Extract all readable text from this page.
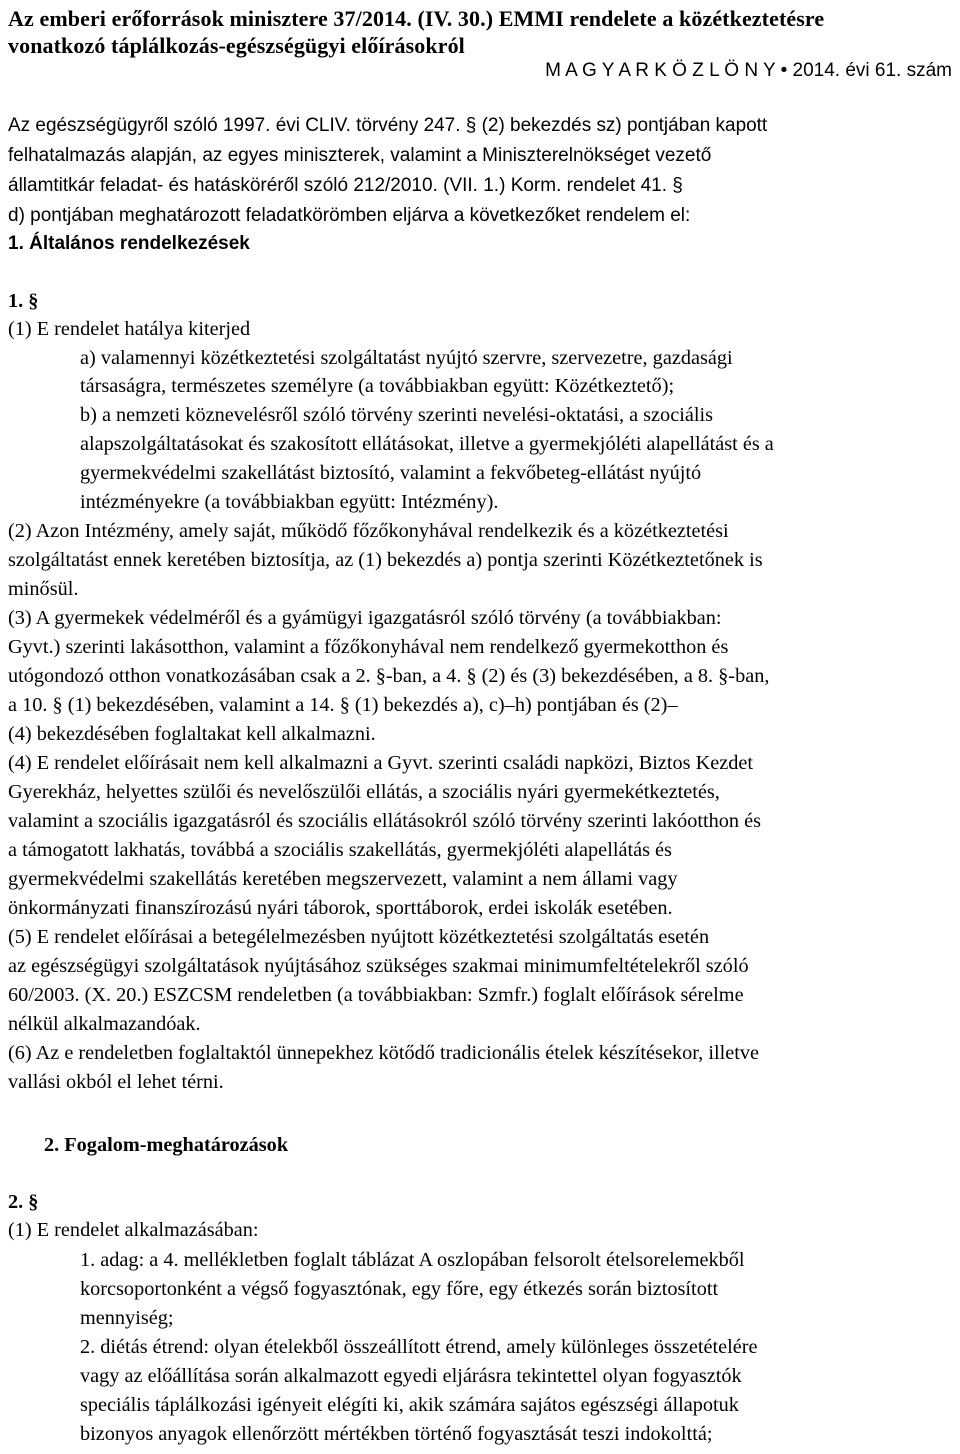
Az emberi erőforrások minisztere 37/2014. (IV. 30.) EMMI rendelete a közétkeztetésre
vonatkozó táplálkozás-egészségügyi előírásokról
M A G Y A R K Ö Z L Ö N Y • 2014. évi 61. szám
Az egészségügyről szóló 1997. évi CLIV. törvény 247. § (2) bekezdés sz) pontjában kapott
felhatalmazás alapján, az egyes miniszterek, valamint a Miniszterelnökséget vezető
államtitkár feladat- és hatásköréről szóló 212/2010. (VII. 1.) Korm. rendelet 41. §
d) pontjában meghatározott feladatkörömben eljárva a következőket rendelem el:
1. Általános rendelkezések
1. §
(1) E rendelet hatálya kiterjed
a) valamennyi közétkeztetési szolgáltatást nyújtó szervre, szervezetre, gazdasági
társaságra, természetes személyre (a továbbiakban együtt: Közétkeztető);
b) a nemzeti köznevelésről szóló törvény szerinti nevelési-oktatási, a szociális
alapszolgáltatásokat és szakosított ellátásokat, illetve a gyermekjóléti alapellátást és a
gyermekvédelmi szakellátást biztosító, valamint a fekvőbeteg-ellátást nyújtó
intézményekre (a továbbiakban együtt: Intézmény).
(2) Azon Intézmény, amely saját, működő főzőkonyhával rendelkezik és a közétkeztetési
szolgáltatást ennek keretében biztosítja, az (1) bekezdés a) pontja szerinti Közétkeztetőnek is
minősül.
(3) A gyermekek védelméről és a gyámügyi igazgatásról szóló törvény (a továbbiakban:
Gyvt.) szerinti lakásotthon, valamint a főzőkonyhával nem rendelkező gyermekotthon és
utógondozó otthon vonatkozásában csak a 2. §-ban, a 4. § (2) és (3) bekezdésében, a 8. §-ban,
a 10. § (1) bekezdésében, valamint a 14. § (1) bekezdés a), c)–h) pontjában és (2)–
(4) bekezdésében foglaltakat kell alkalmazni.
(4) E rendelet előírásait nem kell alkalmazni a Gyvt. szerinti családi napközi, Biztos Kezdet
Gyerekház, helyettes szülői és nevelőszülői ellátás, a szociális nyári gyermekétkeztetés,
valamint a szociális igazgatásról és szociális ellátásokról szóló törvény szerinti lakóotthon és
a támogatott lakhatás, továbbá a szociális szakellátás, gyermekjóléti alapellátás és
gyermekvédelmi szakellátás keretében megszervezett, valamint a nem állami vagy
önkormányzati finanszírozású nyári táborok, sporttáborok, erdei iskolák esetében.
(5) E rendelet előírásai a betegélelmezésben nyújtott közétkeztetési szolgáltatás esetén
az egészségügyi szolgáltatások nyújtásához szükséges szakmai minimumfeltételekről szóló
60/2003. (X. 20.) ESZCSM rendeletben (a továbbiakban: Szmfr.) foglalt előírások sérelme
nélkül alkalmazandóak.
(6) Az e rendeletben foglaltaktól ünnepekhez kötődő tradicionális ételek készítésekor, illetve
vallási okból el lehet térni.
2. Fogalom-meghatározások
2. §
(1) E rendelet alkalmazásában:
1. adag: a 4. mellékletben foglalt táblázat A oszlopában felsorolt ételsorelemekből
korcsoportonként a végső fogyasztónak, egy főre, egy étkezés során biztosított
mennyiség;
2. diétás étrend: olyan ételekből összeállított étrend, amely különleges összetételére
vagy az előállítása során alkalmazott egyedi eljárásra tekintettel olyan fogyasztók
speciális táplálkozási igényeit elégíti ki, akik számára sajátos egészségi állapotuk
bizonyos anyagok ellenőrzött mértékben történő fogyasztását teszi indokolttá;
